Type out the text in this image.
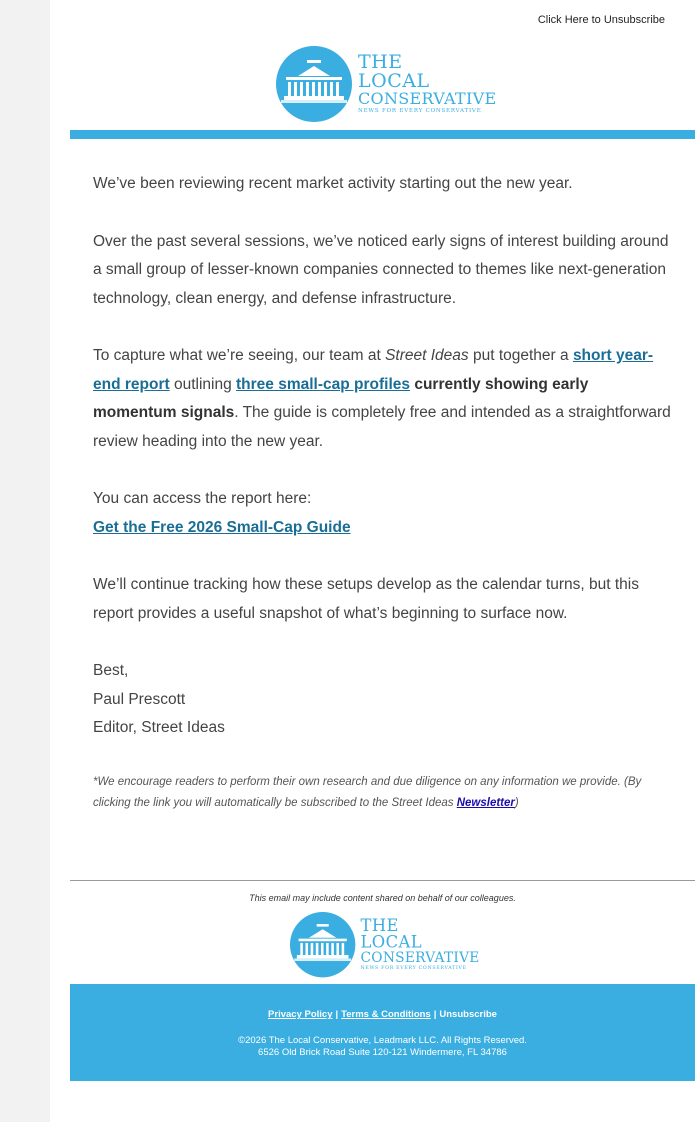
Click Here to Unsubscribe
THE
LOCAL
CONSERVATIVE
NEWS FOR EVERY CONSERVATIVE

We’ve been reviewing recent market activity starting out the new year.

Over the past several sessions, we’ve noticed early signs of interest building around a small group of lesser-known companies connected to themes like next-generation technology, clean energy, and defense infrastructure.

To capture what we’re seeing, our team at Street Ideas put together a short year-end report outlining three small-cap profiles currently showing early momentum signals. The guide is completely free and intended as a straightforward review heading into the new year.

You can access the report here:
Get the Free 2026 Small-Cap Guide

We’ll continue tracking how these setups develop as the calendar turns, but this report provides a useful snapshot of what’s beginning to surface now.

Best,

Paul Prescott

Editor, Street Ideas

*We encourage readers to perform their own research and due diligence on any information we provide. (By clicking the link you will automatically be subscribed to the Street Ideas Newsletter)
This email may include content shared on behalf of our colleagues.
THE
LOCAL
CONSERVATIVE
NEWS FOR EVERY CONSERVATIVE
Privacy Policy | Terms & Conditions | Unsubscribe
©2026 The Local Conservative, Leadmark LLC. All Rights Reserved.
6526 Old Brick Road Suite 120-121 Windermere, FL 34786
